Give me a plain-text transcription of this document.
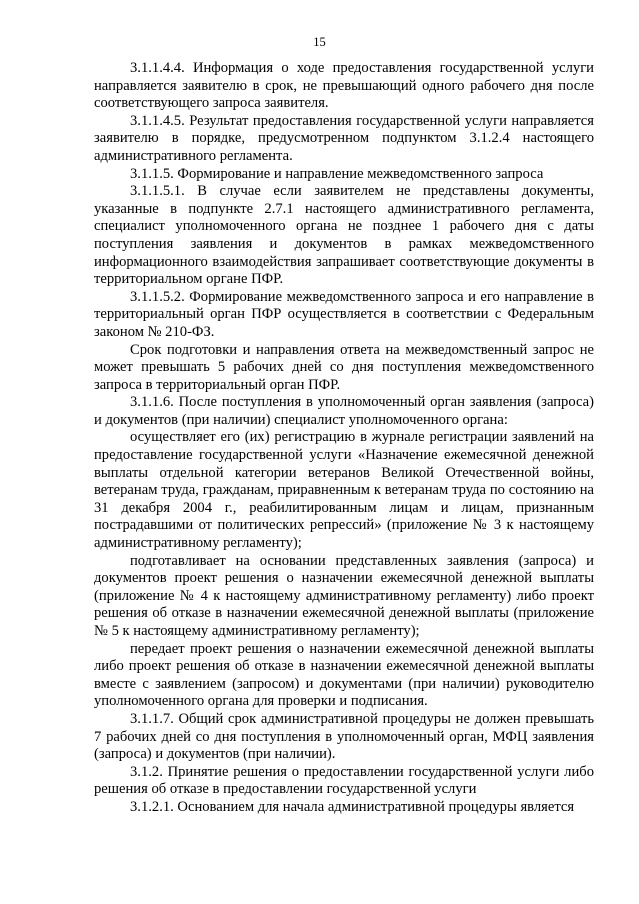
15

3.1.1.4.4. Информация о ходе предоставления государственной услуги направляется заявителю в срок, не превышающий одного рабочего дня после соответствующего запроса заявителя.

3.1.1.4.5. Результат предоставления государственной услуги направляется заявителю в порядке, предусмотренном подпунктом 3.1.2.4 настоящего административного регламента.

3.1.1.5. Формирование и направление межведомственного запроса

3.1.1.5.1. В случае если заявителем не представлены документы, указанные в подпункте 2.7.1 настоящего административного регламента, специалист уполномоченного органа не позднее 1 рабочего дня с даты поступления заявления и документов в рамках межведомственного информационного взаимодействия запрашивает соответствующие документы в территориальном органе ПФР.

3.1.1.5.2. Формирование межведомственного запроса и его направление в территориальный орган ПФР осуществляется в соответствии с Федеральным законом № 210-ФЗ.

Срок подготовки и направления ответа на межведомственный запрос не может превышать 5 рабочих дней со дня поступления межведомственного запроса в территориальный орган ПФР.

3.1.1.6. После поступления в уполномоченный орган заявления (запроса) и документов (при наличии) специалист уполномоченного органа:

осуществляет его (их) регистрацию в журнале регистрации заявлений на предоставление государственной услуги «Назначение ежемесячной денежной выплаты отдельной категории ветеранов Великой Отечественной войны, ветеранам труда, гражданам, приравненным к ветеранам труда по состоянию на 31 декабря 2004 г., реабилитированным лицам и лицам, признанным пострадавшими от политических репрессий» (приложение № 3 к настоящему административному регламенту);

подготавливает на основании представленных заявления (запроса) и документов проект решения о назначении ежемесячной денежной выплаты (приложение № 4 к настоящему административному регламенту) либо проект решения об отказе в назначении ежемесячной денежной выплаты (приложение № 5 к настоящему административному регламенту);

передает проект решения о назначении ежемесячной денежной выплаты либо проект решения об отказе в назначении ежемесячной денежной выплаты вместе с заявлением (запросом) и документами (при наличии) руководителю уполномоченного органа для проверки и подписания.

3.1.1.7. Общий срок административной процедуры не должен превышать 7 рабочих дней со дня поступления в уполномоченный орган, МФЦ заявления (запроса) и документов (при наличии).

3.1.2. Принятие решения о предоставлении государственной услуги либо решения об отказе в предоставлении государственной услуги

3.1.2.1. Основанием для начала административной процедуры является
